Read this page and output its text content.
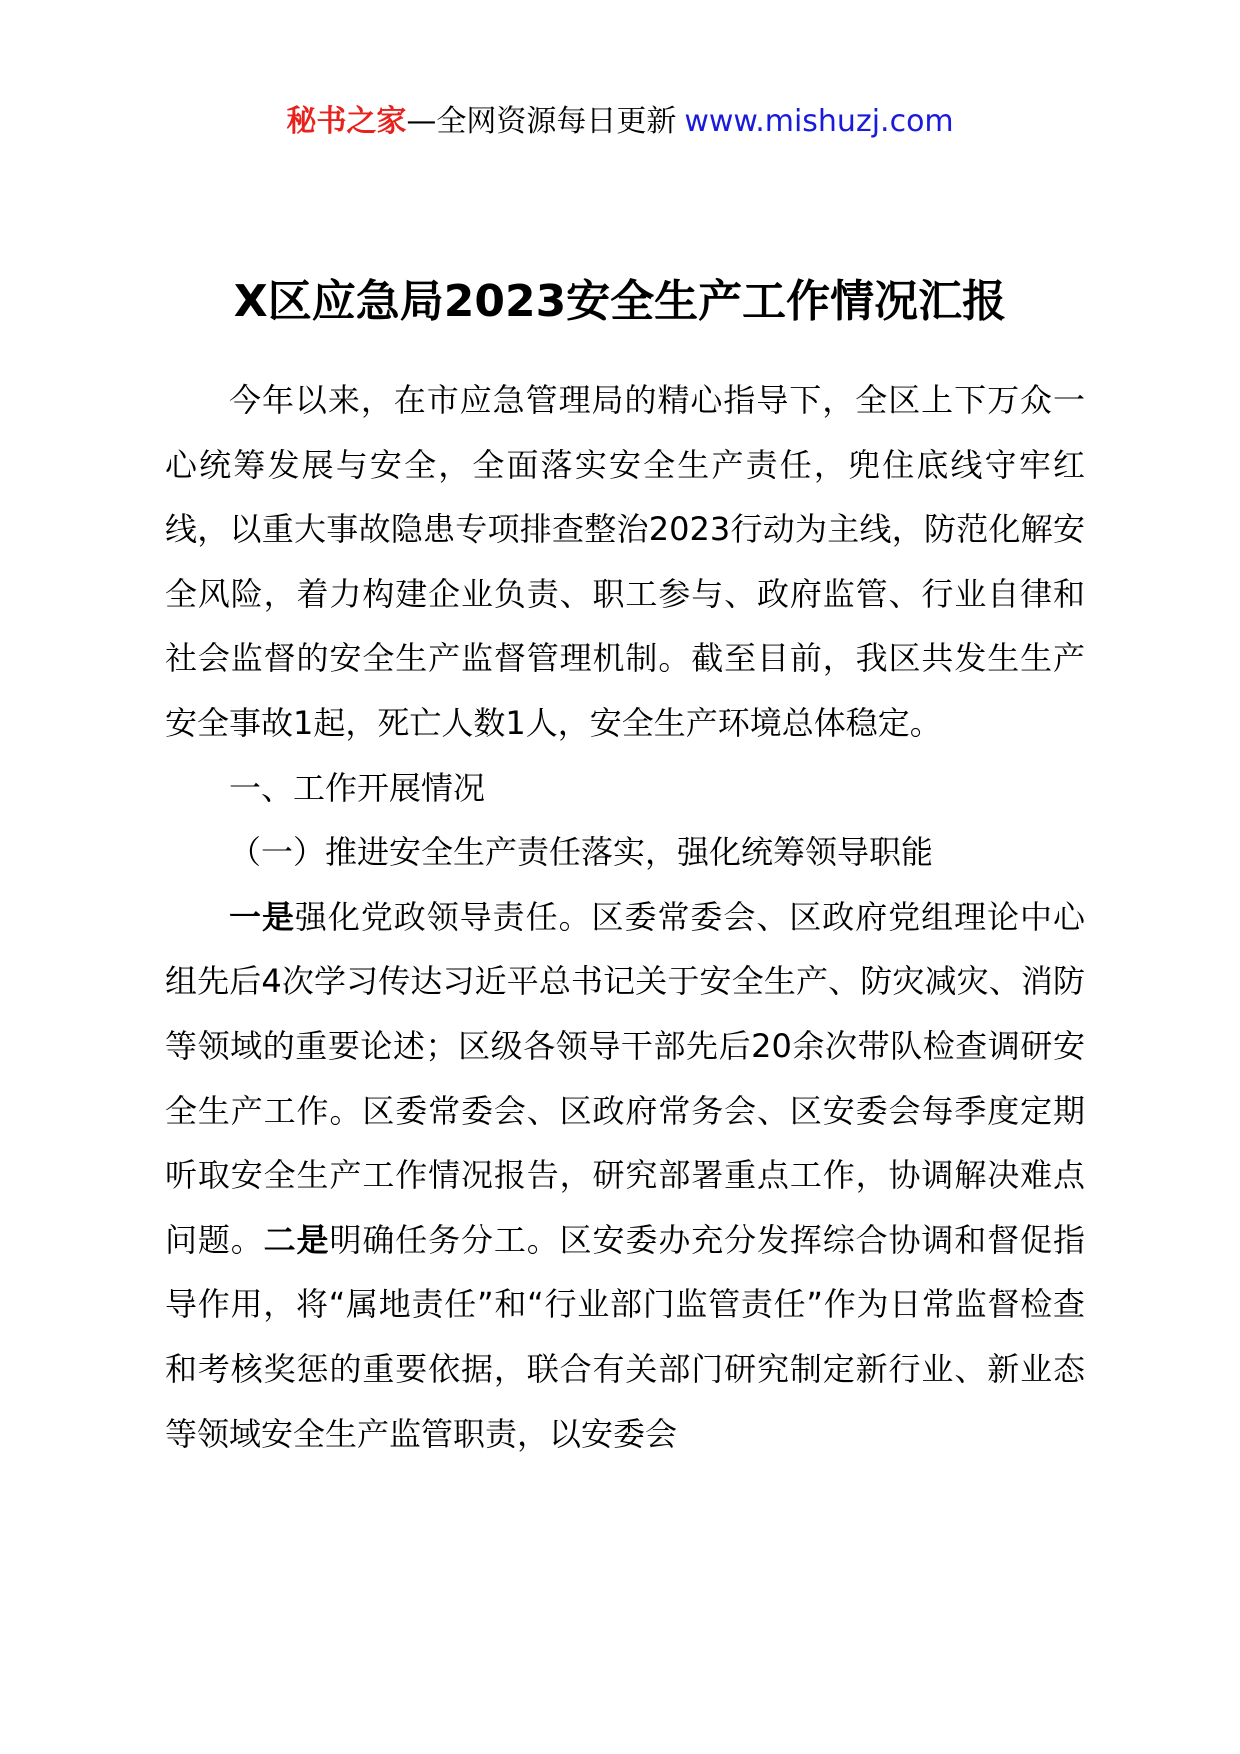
秘书之家—全网资源每日更新 www.mishuzj.com
X区应急局2023安全生产工作情况汇报

今年以来，在市应急管理局的精心指导下，全区上下万众一心统筹发展与安全，全面落实安全生产责任，兜住底线守牢红线，以重大事故隐患专项排查整治2023行动为主线，防范化解安全风险，着力构建企业负责、职工参与、政府监管、行业自律和社会监督的安全生产监督管理机制。截至目前，我区共发生生产安全事故1起，死亡人数1人，安全生产环境总体稳定。

一、工作开展情况

（一）推进安全生产责任落实，强化统筹领导职能

一是强化党政领导责任。区委常委会、区政府党组理论中心组先后4次学习传达习近平总书记关于安全生产、防灾减灾、消防等领域的重要论述；区级各领导干部先后20余次带队检查调研安全生产工作。区委常委会、区政府常务会、区安委会每季度定期听取安全生产工作情况报告，研究部署重点工作，协调解决难点问题。二是明确任务分工。区安委办充分发挥综合协调和督促指导作用，将“属地责任”和“行业部门监管责任”作为日常监督检查和考核奖惩的重要依据，联合有关部门研究制定新行业、新业态等领域安全生产监管职责，以安委会
